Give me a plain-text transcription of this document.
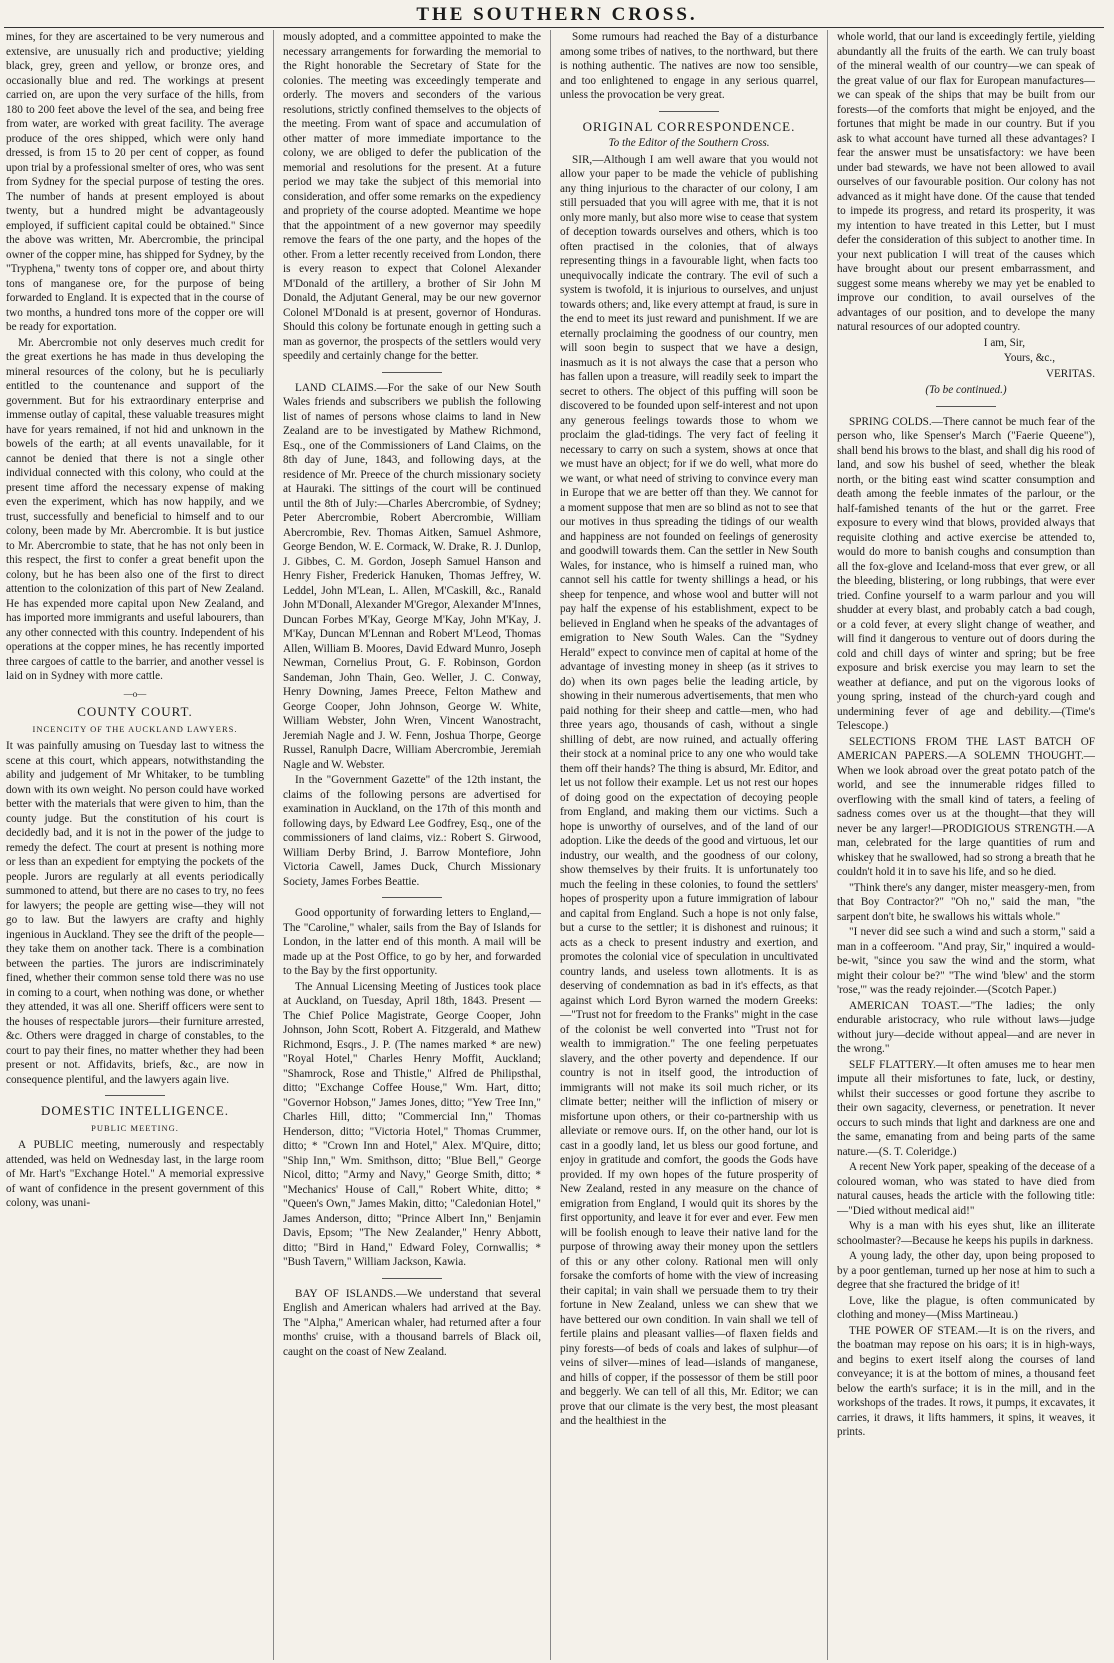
THE SOUTHERN CROSS.

mines, for they are ascertained to be very numerous and extensive, are unusually rich and productive; yielding black, grey, green and yellow, or bronze ores, and occasionally blue and red. The workings at present carried on, are upon the very surface of the hills, from 180 to 200 feet above the level of the sea, and being free from water, are worked with great facility. The average produce of the ores shipped, which were only hand dressed, is from 15 to 20 per cent of copper, as found upon trial by a professional smelter of ores, who was sent from Sydney for the special purpose of testing the ores. The number of hands at present employed is about twenty, but a hundred might be advantageously employed, if sufficient capital could be obtained." Since the above was written, Mr. Abercrombie, the principal owner of the copper mine, has shipped for Sydney, by the "Tryphena," twenty tons of copper ore, and about thirty tons of manganese ore, for the purpose of being forwarded to England. It is expected that in the course of two months, a hundred tons more of the copper ore will be ready for exportation.

Mr. Abercrombie not only deserves much credit for the great exertions he has made in thus developing the mineral resources of the colony, but he is peculiarly entitled to the countenance and support of the government. But for his extraordinary enterprise and immense outlay of capital, these valuable treasures might have for years remained, if not hid and unknown in the bowels of the earth; at all events unavailable, for it cannot be denied that there is not a single other individual connected with this colony, who could at the present time afford the necessary expense of making even the experiment, which has now happily, and we trust, successfully and beneficial to himself and to our colony, been made by Mr. Abercrombie. It is but justice to Mr. Abercrombie to state, that he has not only been in this respect, the first to confer a great benefit upon the colony, but he has been also one of the first to direct attention to the colonization of this part of New Zealand. He has expended more capital upon New Zealand, and has imported more immigrants and useful labourers, than any other connected with this country. Independent of his operations at the copper mines, he has recently imported three cargoes of cattle to the barrier, and another vessel is laid on in Sydney with more cattle.

—o—

COUNTY COURT.

INCENCITY OF THE AUCKLAND LAWYERS.

It was painfully amusing on Tuesday last to witness the scene at this court, which appears, notwithstanding the ability and judgement of Mr Whitaker, to be tumbling down with its own weight. No person could have worked better with the materials that were given to him, than the county judge. But the constitution of his court is decidedly bad, and it is not in the power of the judge to remedy the defect. The court at present is nothing more or less than an expedient for emptying the pockets of the people. Jurors are regularly at all events periodically summoned to attend, but there are no cases to try, no fees for lawyers; the people are getting wise—they will not go to law. But the lawyers are crafty and highly ingenious in Auckland. They see the drift of the people—they take them on another tack. There is a combination between the parties. The jurors are indiscriminately fined, whether their common sense told there was no use in coming to a court, when nothing was done, or whether they attended, it was all one. Sheriff officers were sent to the houses of respectable jurors—their furniture arrested, &c. Others were dragged in charge of constables, to the court to pay their fines, no matter whether they had been present or not. Affidavits, briefs, &c., are now in consequence plentiful, and the lawyers again live.

DOMESTIC INTELLIGENCE.

PUBLIC MEETING.

A PUBLIC meeting, numerously and respectably attended, was held on Wednesday last, in the large room of Mr. Hart's "Exchange Hotel." A memorial expressive of want of confidence in the present government of this colony, was unani-

mously adopted, and a committee appointed to make the necessary arrangements for forwarding the memorial to the Right honorable the Secretary of State for the colonies. The meeting was exceedingly temperate and orderly. The movers and seconders of the various resolutions, strictly confined themselves to the objects of the meeting. From want of space and accumulation of other matter of more immediate importance to the colony, we are obliged to defer the publication of the memorial and resolutions for the present. At a future period we may take the subject of this memorial into consideration, and offer some remarks on the expediency and propriety of the course adopted. Meantime we hope that the appointment of a new governor may speedily remove the fears of the one party, and the hopes of the other. From a letter recently received from London, there is every reason to expect that Colonel Alexander M'Donald of the artillery, a brother of Sir John M Donald, the Adjutant General, may be our new governor Colonel M'Donald is at present, governor of Honduras. Should this colony be fortunate enough in getting such a man as governor, the prospects of the settlers would very speedily and certainly change for the better.

LAND CLAIMS.—For the sake of our New South Wales friends and subscribers we publish the following list of names of persons whose claims to land in New Zealand are to be investigated by Mathew Richmond, Esq., one of the Commissioners of Land Claims, on the 8th day of June, 1843, and following days, at the residence of Mr. Preece of the church missionary society at Hauraki. The sittings of the court will be continued until the 8th of July:—Charles Abercrombie, of Sydney; Peter Abercrombie, Robert Abercrombie, William Abercrombie, Rev. Thomas Aitken, Samuel Ashmore, George Bendon, W. E. Cormack, W. Drake, R. J. Dunlop, J. Gibbes, C. M. Gordon, Joseph Samuel Hanson and Henry Fisher, Frederick Hanuken, Thomas Jeffrey, W. Leddel, John M'Lean, L. Allen, M'Caskill, &c., Ranald John M'Donall, Alexander M'Gregor, Alexander M'Innes, Duncan Forbes M'Kay, George M'Kay, John M'Kay, J. M'Kay, Duncan M'Lennan and Robert M'Leod, Thomas Allen, William B. Moores, David Edward Munro, Joseph Newman, Cornelius Prout, G. F. Robinson, Gordon Sandeman, John Thain, Geo. Weller, J. C. Conway, Henry Downing, James Preece, Felton Mathew and George Cooper, John Johnson, George W. White, William Webster, John Wren, Vincent Wanostracht, Jeremiah Nagle and J. W. Fenn, Joshua Thorpe, George Russel, Ranulph Dacre, William Abercrombie, Jeremiah Nagle and W. Webster.

In the "Government Gazette" of the 12th instant, the claims of the following persons are advertised for examination in Auckland, on the 17th of this month and following days, by Edward Lee Godfrey, Esq., one of the commissioners of land claims, viz.: Robert S. Girwood, William Derby Brind, J. Barrow Montefiore, John Victoria Cawell, James Duck, Church Missionary Society, James Forbes Beattie.

Good opportunity of forwarding letters to England,—The "Caroline," whaler, sails from the Bay of Islands for London, in the latter end of this month. A mail will be made up at the Post Office, to go by her, and forwarded to the Bay by the first opportunity.

The Annual Licensing Meeting of Justices took place at Auckland, on Tuesday, April 18th, 1843. Present — The Chief Police Magistrate, George Cooper, John Johnson, John Scott, Robert A. Fitzgerald, and Mathew Richmond, Esqrs., J. P. (The names marked * are new) "Royal Hotel," Charles Henry Moffit, Auckland; "Shamrock, Rose and Thistle," Alfred de Philipsthal, ditto; "Exchange Coffee House," Wm. Hart, ditto; "Governor Hobson," James Jones, ditto; "Yew Tree Inn," Charles Hill, ditto; "Commercial Inn," Thomas Henderson, ditto; "Victoria Hotel," Thomas Crummer, ditto; * "Crown Inn and Hotel," Alex. M'Quire, ditto; "Ship Inn," Wm. Smithson, ditto; "Blue Bell," George Nicol, ditto; "Army and Navy," George Smith, ditto; * "Mechanics' House of Call," Robert White, ditto; * "Queen's Own," James Makin, ditto; "Caledonian Hotel," James Anderson, ditto; "Prince Albert Inn," Benjamin Davis, Epsom; "The New Zealander," Henry Abbott, ditto; "Bird in Hand," Edward Foley, Cornwallis; * "Bush Tavern," William Jackson, Kawia.

BAY OF ISLANDS.—We understand that several English and American whalers had arrived at the Bay. The "Alpha," American whaler, had returned after a four months' cruise, with a thousand barrels of Black oil, caught on the coast of New Zealand.

Some rumours had reached the Bay of a disturbance among some tribes of natives, to the northward, but there is nothing authentic. The natives are now too sensible, and too enlightened to engage in any serious quarrel, unless the provocation be very great.

ORIGINAL CORRESPONDENCE.

To the Editor of the Southern Cross.

SIR,—Although I am well aware that you would not allow your paper to be made the vehicle of publishing any thing injurious to the character of our colony, I am still persuaded that you will agree with me, that it is not only more manly, but also more wise to cease that system of deception towards ourselves and others, which is too often practised in the colonies, that of always representing things in a favourable light, when facts too unequivocally indicate the contrary. The evil of such a system is twofold, it is injurious to ourselves, and unjust towards others; and, like every attempt at fraud, is sure in the end to meet its just reward and punishment. If we are eternally proclaiming the goodness of our country, men will soon begin to suspect that we have a design, inasmuch as it is not always the case that a person who has fallen upon a treasure, will readily seek to impart the secret to others. The object of this puffing will soon be discovered to be founded upon self-interest and not upon any generous feelings towards those to whom we proclaim the glad-tidings. The very fact of feeling it necessary to carry on such a system, shows at once that we must have an object; for if we do well, what more do we want, or what need of striving to convince every man in Europe that we are better off than they. We cannot for a moment suppose that men are so blind as not to see that our motives in thus spreading the tidings of our wealth and happiness are not founded on feelings of generosity and goodwill towards them. Can the settler in New South Wales, for instance, who is himself a ruined man, who cannot sell his cattle for twenty shillings a head, or his sheep for tenpence, and whose wool and butter will not pay half the expense of his establishment, expect to be believed in England when he speaks of the advantages of emigration to New South Wales. Can the "Sydney Herald" expect to convince men of capital at home of the advantage of investing money in sheep (as it strives to do) when its own pages belie the leading article, by showing in their numerous advertisements, that men who paid nothing for their sheep and cattle—men, who had three years ago, thousands of cash, without a single shilling of debt, are now ruined, and actually offering their stock at a nominal price to any one who would take them off their hands? The thing is absurd, Mr. Editor, and let us not follow their example. Let us not rest our hopes of doing good on the expectation of decoying people from England, and making them our victims. Such a hope is unworthy of ourselves, and of the land of our adoption. Like the deeds of the good and virtuous, let our industry, our wealth, and the goodness of our colony, show themselves by their fruits. It is unfortunately too much the feeling in these colonies, to found the settlers' hopes of prosperity upon a future immigration of labour and capital from England. Such a hope is not only false, but a curse to the settler; it is dishonest and ruinous; it acts as a check to present industry and exertion, and promotes the colonial vice of speculation in uncultivated country lands, and useless town allotments. It is as deserving of condemnation as bad in it's effects, as that against which Lord Byron warned the modern Greeks:—"Trust not for freedom to the Franks" might in the case of the colonist be well converted into "Trust not for wealth to immigration." The one feeling perpetuates slavery, and the other poverty and dependence. If our country is not in itself good, the introduction of immigrants will not make its soil much richer, or its climate better; neither will the infliction of misery or misfortune upon others, or their co-partnership with us alleviate or remove ours. If, on the other hand, our lot is cast in a goodly land, let us bless our good fortune, and enjoy in gratitude and comfort, the goods the Gods have provided. If my own hopes of the future prosperity of New Zealand, rested in any measure on the chance of emigration from England, I would quit its shores by the first opportunity, and leave it for ever and ever. Few men will be foolish enough to leave their native land for the purpose of throwing away their money upon the settlers of this or any other colony. Rational men will only forsake the comforts of home with the view of increasing their capital; in vain shall we persuade them to try their fortune in New Zealand, unless we can shew that we have bettered our own condition. In vain shall we tell of fertile plains and pleasant vallies—of flaxen fields and piny forests—of beds of coals and lakes of sulphur—of veins of silver—mines of lead—islands of manganese, and hills of copper, if the possessor of them be still poor and beggerly. We can tell of all this, Mr. Editor; we can prove that our climate is the very best, the most pleasant and the healthiest in the

whole world, that our land is exceedingly fertile, yielding abundantly all the fruits of the earth. We can truly boast of the mineral wealth of our country—we can speak of the great value of our flax for European manufactures—we can speak of the ships that may be built from our forests—of the comforts that might be enjoyed, and the fortunes that might be made in our country. But if you ask to what account have turned all these advantages? I fear the answer must be unsatisfactory: we have been under bad stewards, we have not been allowed to avail ourselves of our favourable position. Our colony has not advanced as it might have done. Of the cause that tended to impede its progress, and retard its prosperity, it was my intention to have treated in this Letter, but I must defer the consideration of this subject to another time. In your next publication I will treat of the causes which have brought about our present embarrassment, and suggest some means whereby we may yet be enabled to improve our condition, to avail ourselves of the advantages of our position, and to develope the many natural resources of our adopted country.

I am, Sir,

Yours, &c.,

VERITAS.

(To be continued.)

SPRING COLDS.—There cannot be much fear of the person who, like Spenser's March ("Faerie Queene"), shall bend his brows to the blast, and shall dig his rood of land, and sow his bushel of seed, whether the bleak north, or the biting east wind scatter consumption and death among the feeble inmates of the parlour, or the half-famished tenants of the hut or the garret. Free exposure to every wind that blows, provided always that requisite clothing and active exercise be attended to, would do more to banish coughs and consumption than all the fox-glove and Iceland-moss that ever grew, or all the bleeding, blistering, or long rubbings, that were ever tried. Confine yourself to a warm parlour and you will shudder at every blast, and probably catch a bad cough, or a cold fever, at every slight change of weather, and will find it dangerous to venture out of doors during the cold and chill days of winter and spring; but be free exposure and brisk exercise you may learn to set the weather at defiance, and put on the vigorous looks of young spring, instead of the church-yard cough and undermining fever of age and debility.—(Time's Telescope.)

SELECTIONS FROM THE LAST BATCH OF AMERICAN PAPERS.—A SOLEMN THOUGHT.—When we look abroad over the great potato patch of the world, and see the innumerable ridges filled to overflowing with the small kind of taters, a feeling of sadness comes over us at the thought—that they will never be any larger!—PRODIGIOUS STRENGTH.—A man, celebrated for the large quantities of rum and whiskey that he swallowed, had so strong a breath that he couldn't hold it in to save his life, and so he died.

"Think there's any danger, mister measgery-men, from that Boy Contractor?" "Oh no," said the man, "the sarpent don't bite, he swallows his wittals whole."

"I never did see such a wind and such a storm," said a man in a coffeeroom. "And pray, Sir," inquired a would-be-wit, "since you saw the wind and the storm, what might their colour be?" "The wind 'blew' and the storm 'rose,'" was the ready rejoinder.—(Scotch Paper.)

AMERICAN TOAST.—"The ladies; the only endurable aristocracy, who rule without laws—judge without jury—decide without appeal—and are never in the wrong."

SELF FLATTERY.—It often amuses me to hear men impute all their misfortunes to fate, luck, or destiny, whilst their successes or good fortune they ascribe to their own sagacity, cleverness, or penetration. It never occurs to such minds that light and darkness are one and the same, emanating from and being parts of the same nature.—(S. T. Coleridge.)

A recent New York paper, speaking of the decease of a coloured woman, who was stated to have died from natural causes, heads the article with the following title:—"Died without medical aid!"

Why is a man with his eyes shut, like an illiterate schoolmaster?—Because he keeps his pupils in darkness.

A young lady, the other day, upon being proposed to by a poor gentleman, turned up her nose at him to such a degree that she fractured the bridge of it!

Love, like the plague, is often communicated by clothing and money—(Miss Martineau.)

THE POWER OF STEAM.—It is on the rivers, and the boatman may repose on his oars; it is in high-ways, and begins to exert itself along the courses of land conveyance; it is at the bottom of mines, a thousand feet below the earth's surface; it is in the mill, and in the workshops of the trades. It rows, it pumps, it excavates, it carries, it draws, it lifts hammers, it spins, it weaves, it prints.
